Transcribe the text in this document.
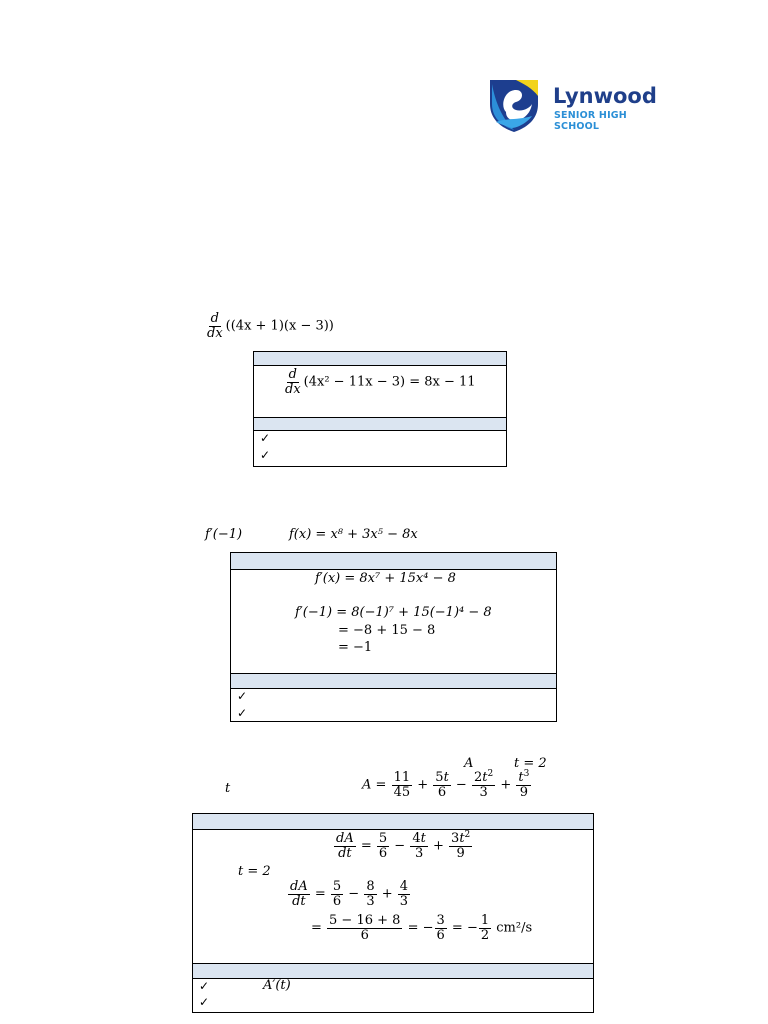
Lynwood
SENIOR HIGH SCHOOL
$\frac{d}{dx} ((4x + 1)(x - 3))$
$\frac{d}{dx} (4x^2 - 11x - 3) = 8x - 11$
✓
✓
f′(−1)	f(x) = x⁸ + 3x⁵ − 8x
f′(x) = 8x⁷ + 15x⁴ − 8
f′(−1) = 8(−1)⁷ + 15(−1)⁴ − 8
= −8 + 15 − 8
= −1
✓
✓
A	t = 2
t	$A = \frac{11}{45} + \frac{5t}{6} - \frac{2t^2}{3} + \frac{t^3}{9}$
$\frac{dA}{dt} = \frac{5}{6} - \frac{4t}{3} + \frac{3t^2}{9}$
t = 2
$\frac{dA}{dt} = \frac{5}{6} - \frac{8}{3} + \frac{4}{3}$
= $\frac{5 - 16 + 8}{6}$ = − $\frac{3}{6}$ = − $\frac{1}{2} cm^2/s$
✓	A′(t)
✓
